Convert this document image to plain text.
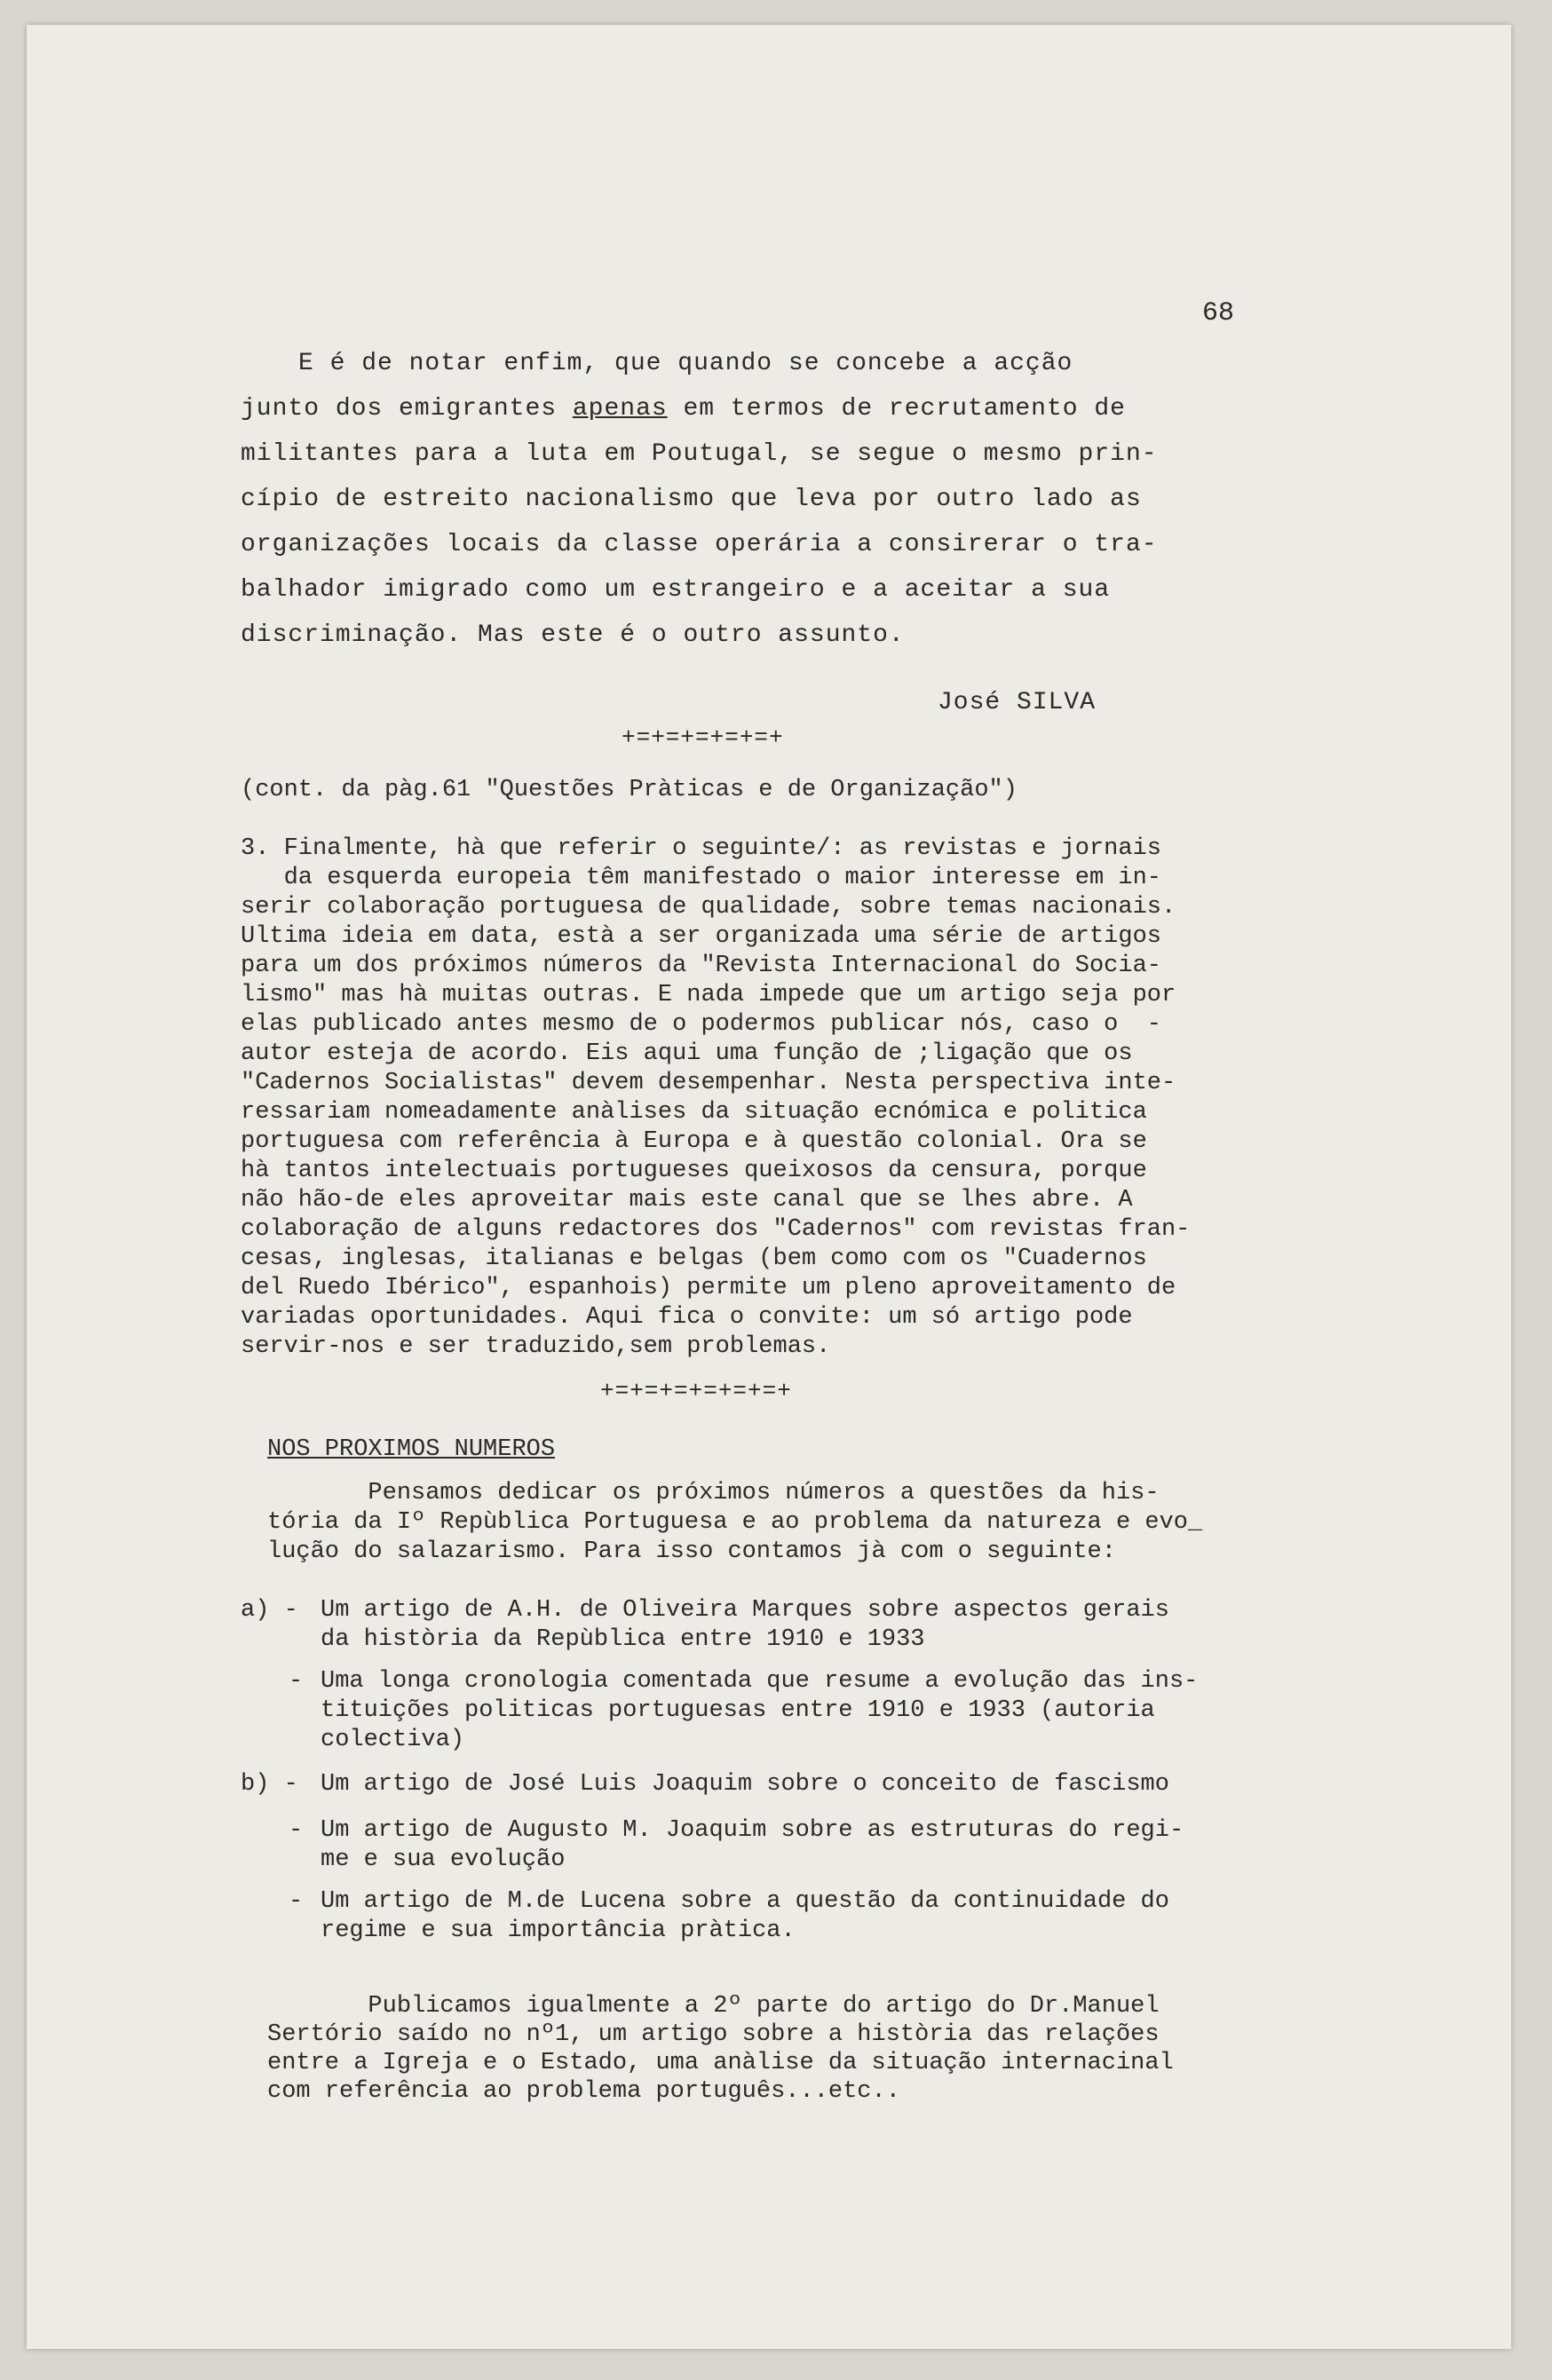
68
E é de notar enfim, que quando se concebe a acção
junto dos emigrantes apenas em termos de recrutamento de
militantes para a luta em Poutugal, se segue o mesmo prin-
cípio de estreito nacionalismo que leva por outro lado as
organizações locais da classe operária a consirerar o tra-
balhador imigrado como um estrangeiro e a aceitar a sua
discriminação. Mas este é o outro assunto.
José SILVA
+=+=+=+=+=+
(cont. da pàg.61 "Questões Pràticas e de Organização")
3. Finalmente, hà que referir o seguinte/: as revistas e jornais
da esquerda europeia têm manifestado o maior interesse em in-
serir colaboração portuguesa de qualidade, sobre temas nacionais.
Ultima ideia em data, està a ser organizada uma série de artigos
para um dos próximos números da "Revista Internacional do Socia-
lismo" mas hà muitas outras. E nada impede que um artigo seja por
elas publicado antes mesmo de o podermos publicar nós, caso o  -
autor esteja de acordo. Eis aqui uma função de ;ligação que os
"Cadernos Socialistas" devem desempenhar. Nesta perspectiva inte-
ressariam nomeadamente anàlises da situação ecnómica e politica
portuguesa com referência à Europa e à questão colonial. Ora se
hà tantos intelectuais portugueses queixosos da censura, porque
não hão-de eles aproveitar mais este canal que se lhes abre. A
colaboração de alguns redactores dos "Cadernos" com revistas fran-
cesas, inglesas, italianas e belgas (bem como com os "Cuadernos
del Ruedo Ibérico", espanhois) permite um pleno aproveitamento de
variadas oportunidades. Aqui fica o convite: um só artigo pode
servir-nos e ser traduzido,sem problemas.
+=+=+=+=+=+=+
NOS PROXIMOS NUMEROS
Pensamos dedicar os próximos números a questões da his-
tória da Iº Repùblica Portuguesa e ao problema da natureza e evo_
lução do salazarismo. Para isso contamos jà com o seguinte:
a) - Um artigo de A.H. de Oliveira Marques sobre aspectos gerais
da història da Repùblica entre 1910 e 1933
- Uma longa cronologia comentada que resume a evolução das ins-
tituições politicas portuguesas entre 1910 e 1933 (autoria
colectiva)
b) - Um artigo de José Luis Joaquim sobre o conceito de fascismo
- Um artigo de Augusto M. Joaquim sobre as estruturas do regi-
me e sua evolução
- Um artigo de M.de Lucena sobre a questão da continuidade do
regime e sua importância pràtica.
Publicamos igualmente a 2º parte do artigo do Dr.Manuel
Sertório saído no nº1, um artigo sobre a història das relações
entre a Igreja e o Estado, uma anàlise da situação internacinal
com referência ao problema português...etc..
